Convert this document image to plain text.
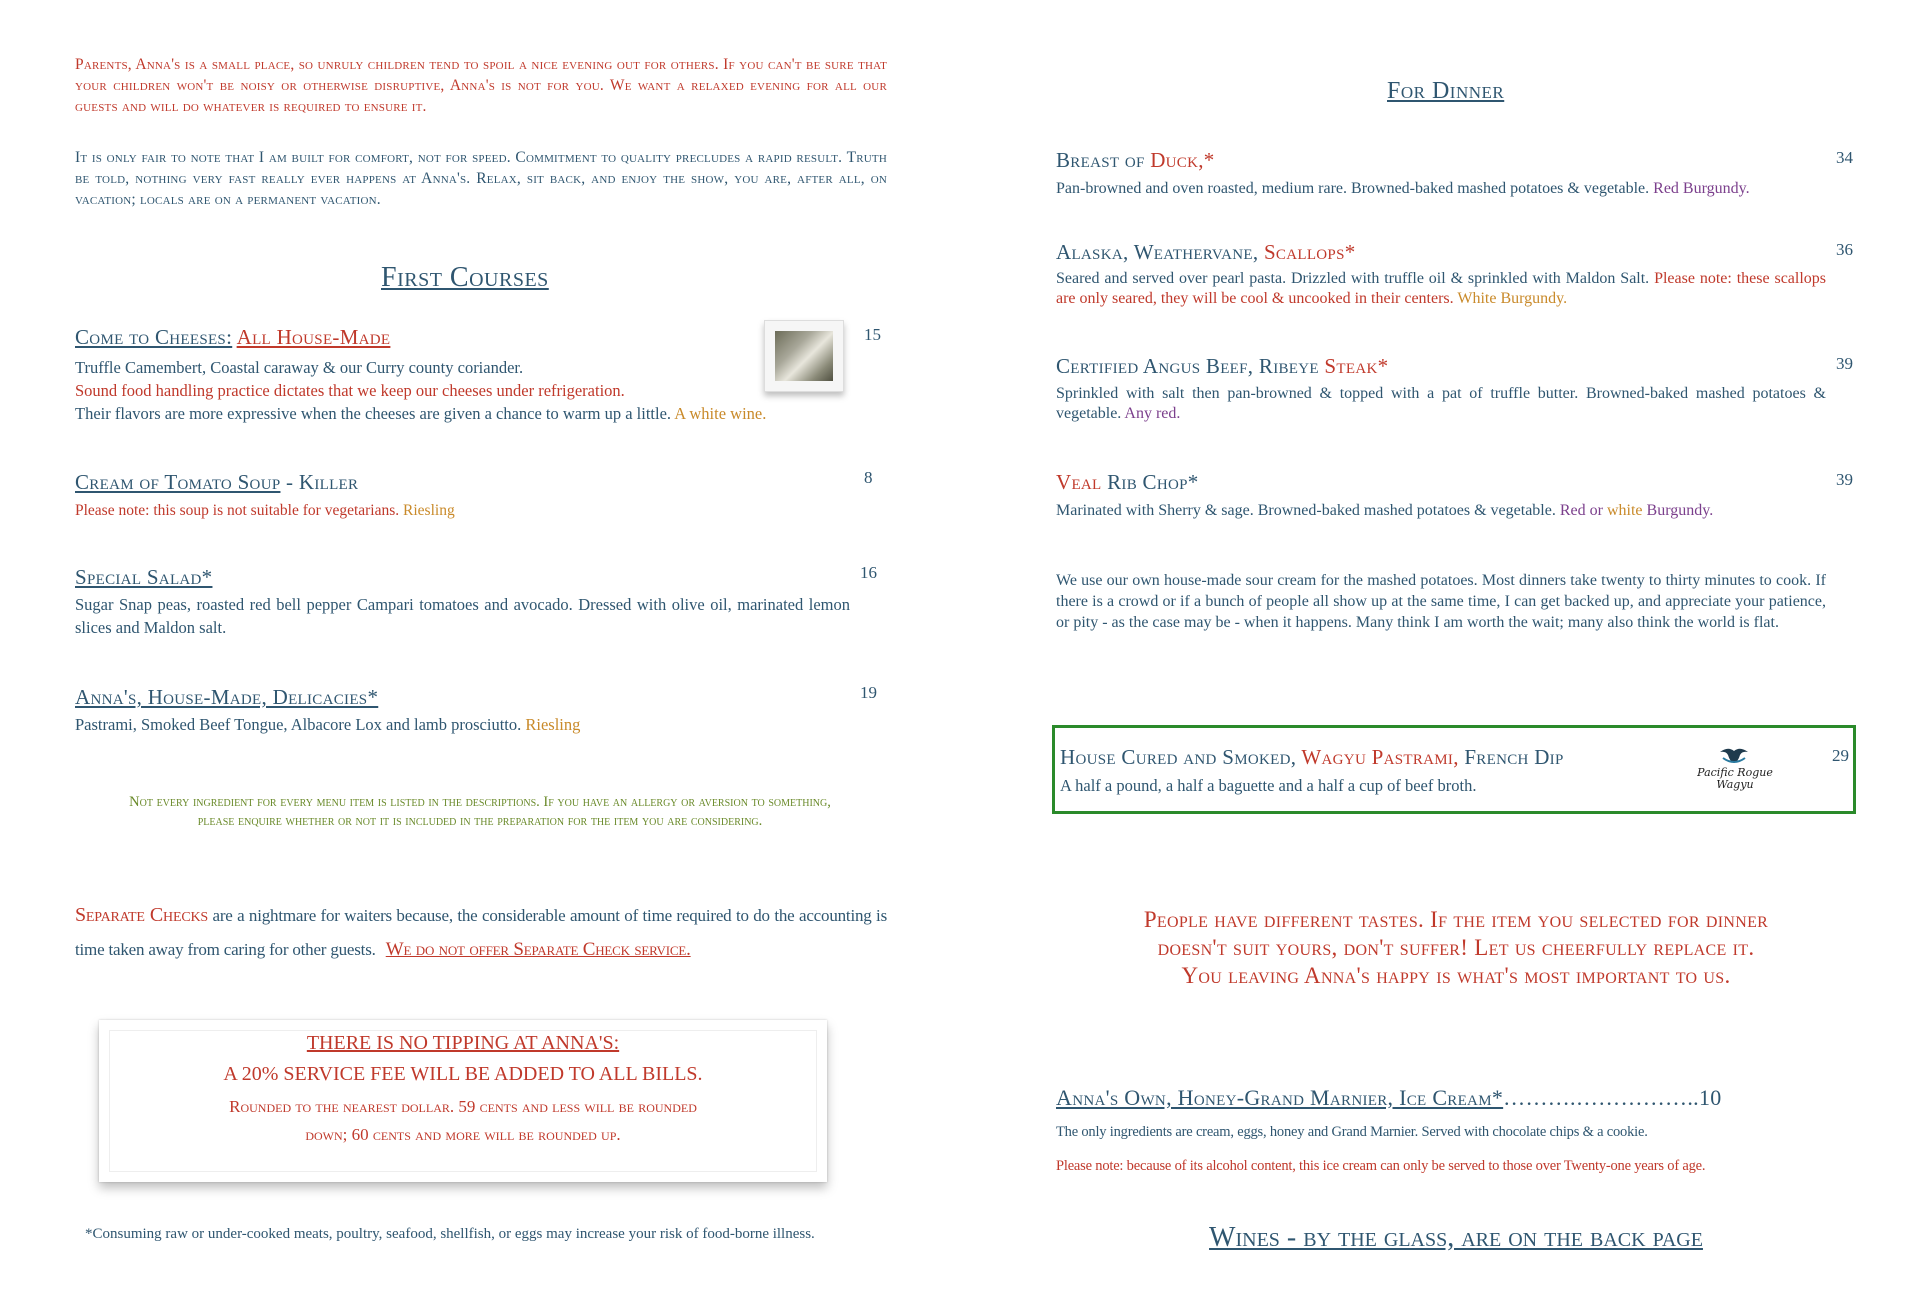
Parents, Anna's is a small place, so unruly children tend to spoil a nice evening out for others. If you can't be sure that your children won't be noisy or otherwise disruptive, Anna's is not for you. We want a relaxed evening for all our guests and will do whatever is required to ensure it.
It is only fair to note that I am built for comfort, not for speed. Commitment to quality precludes a rapid result. Truth be told, nothing very fast really ever happens at Anna's. Relax, sit back, and enjoy the show, you are, after all, on vacation; locals are on a permanent vacation.
First Courses
Come to Cheeses: All House-Made	15
Truffle Camembert, Coastal caraway & our Curry county coriander.
Sound food handling practice dictates that we keep our cheeses under refrigeration.
Their flavors are more expressive when the cheeses are given a chance to warm up a little. A white wine.
Cream of Tomato Soup - Killer	8
Please note: this soup is not suitable for vegetarians. Riesling
Special Salad*	16
Sugar Snap peas, roasted red bell pepper Campari tomatoes and avocado. Dressed with olive oil, marinated lemon slices and Maldon salt.
Anna's, House-Made, Delicacies*	19
Pastrami, Smoked Beef Tongue, Albacore Lox and lamb prosciutto. Riesling
Not every ingredient for every menu item is listed in the descriptions. If you have an allergy or aversion to something, please enquire whether or not it is included in the preparation for the item you are considering.
Separate Checks are a nightmare for waiters because, the considerable amount of time required to do the accounting is time taken away from caring for other guests. We do not offer Separate Check service.
THERE IS NO TIPPING AT ANNA'S:
A 20% SERVICE FEE WILL BE ADDED TO ALL BILLS.
Rounded to the nearest dollar. 59 cents and less will be rounded
down; 60 cents and more will be rounded up.
*Consuming raw or under-cooked meats, poultry, seafood, shellfish, or eggs may increase your risk of food-borne illness.
For Dinner
Breast of Duck,*	34
Pan-browned and oven roasted, medium rare. Browned-baked mashed potatoes & vegetable. Red Burgundy.
Alaska, Weathervane, Scallops*	36
Seared and served over pearl pasta. Drizzled with truffle oil & sprinkled with Maldon Salt. Please note: these scallops are only seared, they will be cool & uncooked in their centers. White Burgundy.
Certified Angus Beef, Ribeye Steak*	39
Sprinkled with salt then pan-browned & topped with a pat of truffle butter. Browned-baked mashed potatoes & vegetable. Any red.
Veal Rib Chop*	39
Marinated with Sherry & sage. Browned-baked mashed potatoes & vegetable. Red or white Burgundy.
We use our own house-made sour cream for the mashed potatoes. Most dinners take twenty to thirty minutes to cook. If there is a crowd or if a bunch of people all show up at the same time, I can get backed up, and appreciate your patience, or pity - as the case may be - when it happens. Many think I am worth the wait; many also think the world is flat.
House Cured and Smoked, Wagyu Pastrami, French Dip	29
A half a pound, a half a baguette and a half a cup of beef broth.
Pacific Rogue
Wagyu
People have different tastes. If the item you selected for dinner
doesn't suit yours, don't suffer! Let us cheerfully replace it.
You leaving Anna's happy is what's most important to us.
Anna's Own, Honey-Grand Marnier, Ice Cream*……….……………..10
The only ingredients are cream, eggs, honey and Grand Marnier. Served with chocolate chips & a cookie.
Please note: because of its alcohol content, this ice cream can only be served to those over Twenty-one years of age.
Wines - by the glass, are on the back page
